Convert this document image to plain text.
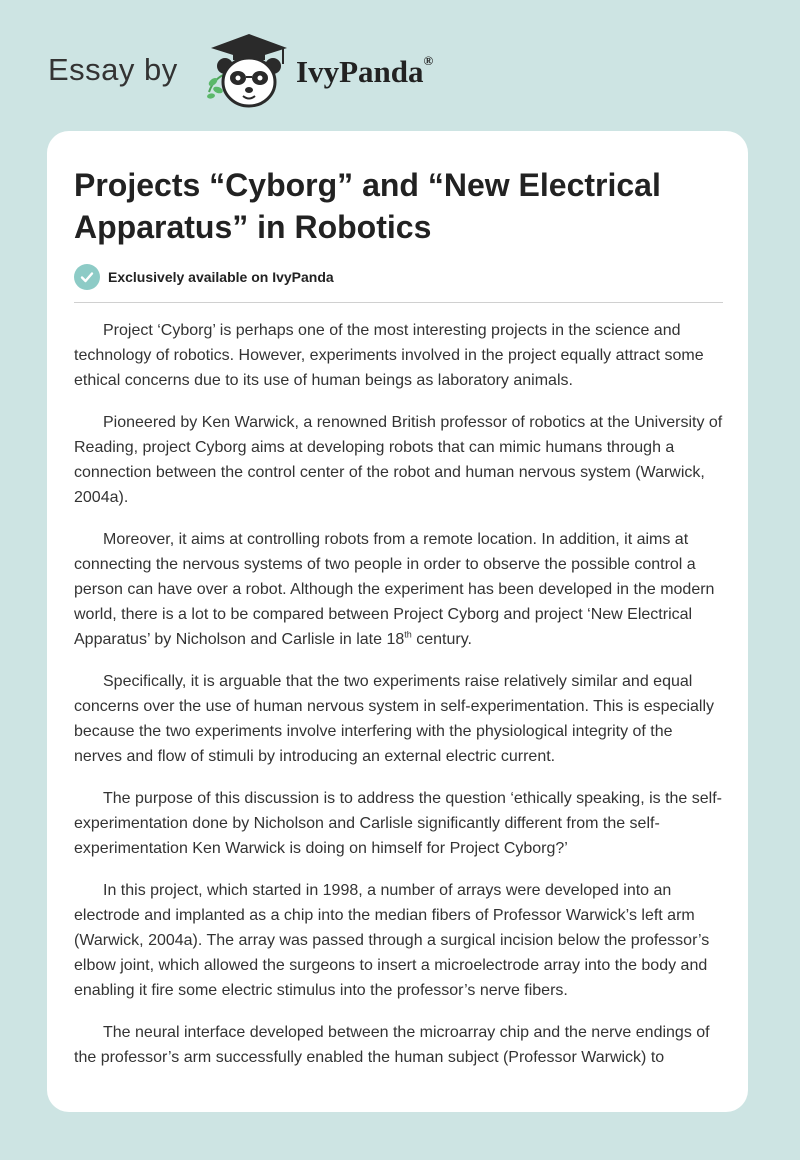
Essay by	IvyPanda®
Projects “Cyborg” and “New Electrical Apparatus” in Robotics
Exclusively available on IvyPanda

Project ‘Cyborg’ is perhaps one of the most interesting projects in the science and technology of robotics. However, experiments involved in the project equally attract some ethical concerns due to its use of human beings as laboratory animals.

Pioneered by Ken Warwick, a renowned British professor of robotics at the University of Reading, project Cyborg aims at developing robots that can mimic humans through a connection between the control center of the robot and human nervous system (Warwick, 2004a).

Moreover, it aims at controlling robots from a remote location. In addition, it aims at connecting the nervous systems of two people in order to observe the possible control a person can have over a robot. Although the experiment has been developed in the modern world, there is a lot to be compared between Project Cyborg and project ‘New Electrical Apparatus’ by Nicholson and Carlisle in late 18th century.

Specifically, it is arguable that the two experiments raise relatively similar and equal concerns over the use of human nervous system in self-experimentation. This is especially because the two experiments involve interfering with the physiological integrity of the nerves and flow of stimuli by introducing an external electric current.

The purpose of this discussion is to address the question ‘ethically speaking, is the self-experimentation done by Nicholson and Carlisle significantly different from the self-experimentation Ken Warwick is doing on himself for Project Cyborg?’

In this project, which started in 1998, a number of arrays were developed into an electrode and implanted as a chip into the median fibers of Professor Warwick’s left arm (Warwick, 2004a). The array was passed through a surgical incision below the professor’s elbow joint, which allowed the surgeons to insert a microelectrode array into the body and enabling it fire some electric stimulus into the professor’s nerve fibers.

The neural interface developed between the microarray chip and the nerve endings of the professor’s arm successfully enabled the human subject (Professor Warwick) to
